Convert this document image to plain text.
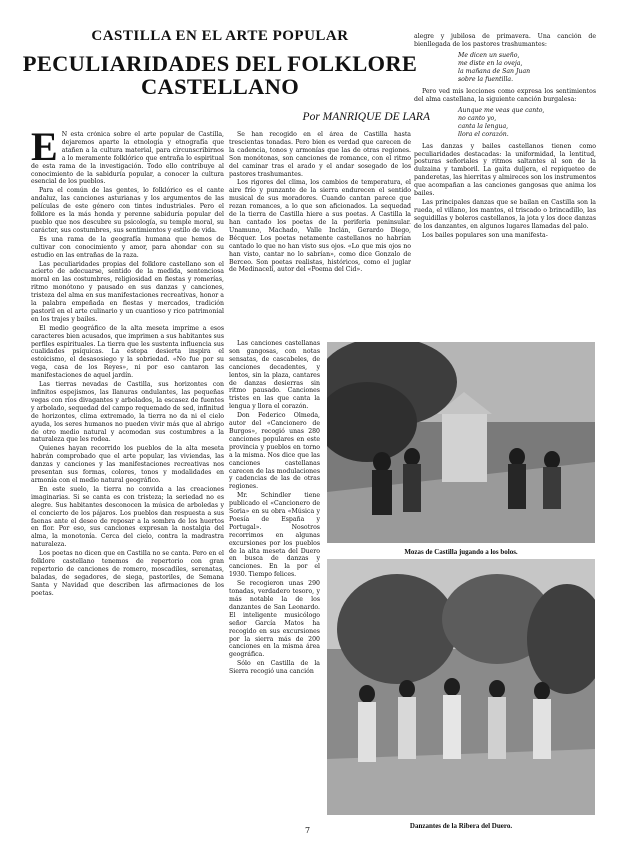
CASTILLA EN EL ARTE POPULAR
PECULIARIDADES DEL FOLKLORE
CASTELLANO
Por MANRIQUE DE LARA

E N esta crónica sobre el arte popular de Castilla, dejaremos aparte la etnología y etnografía que atañen a la cultura material, para circunscribirnos a lo meramente folklórico que entraña lo espiritual de esta rama de la investigación. Todo ello contribuye al conocimiento de la sabiduría popular, a conocer la cultura esencial de los pueblos.

Para el común de las gentes, lo folklórico es el cante andaluz, las canciones asturianas y los argumentos de las películas de este género con tintes industriales. Pero el folklore es la más honda y perenne sabiduría popular del pueblo que nos descubre su psicología, su temple moral, su carácter, sus costumbres, sus sentimientos y estilo de vida.

Es una rama de la geografía humana que hemos de cultivar con conocimiento y amor, para ahondar con su estudio en las entrañas de la raza.

Las peculiaridades propias del folklore castellano son el acierto de adecuarse, sentido de la medida, sentenciosa moral en las costumbres, religiosidad en fiestas y romerías, ritmo monótono y pausado en sus danzas y canciones, tristeza del alma en sus manifestaciones recreativas, honor a la palabra empeñada en fiestas y mercados, tradición pastoril en el arte culinario y un cuantioso y rico patrimonial en los trajes y bailes.

El medio geográfico de la alta meseta imprime a esos caracteres bien acusados, que imprimen a sus habitantes sus perfiles espirituales. La tierra que les sustenta influencia sus cualidades psíquicas. La estepa desierta inspira el estoicismo, el desasosiego y la sobriedad. «No fue por su vega, casa de los Reyes», ni por eso cantaron las manifestaciones de aquel jardín.

Las tierras nevadas de Castilla, sus horizontes con infinitos espejismos, las llanuras ondulantes, las pequeñas vegas con ríos divagantes y arbolados, la escasez de fuentes y arbolado, sequedad del campo requemado de sed, infinitud de horizontes, clima extremado, la tierra no da ni el cielo ayuda, los seres humanos no pueden vivir más que al abrigo de otro medio natural y acomodan sus costumbres a la naturaleza que les rodea.

Quienes hayan recorrido los pueblos de la alta meseta habrán comprobado que el arte popular, las viviendas, las danzas y canciones y las manifestaciones recreativas nos presentan sus formas, colores, tonos y modalidades en armonía con el medio natural geográfico.

En este suelo, la tierra no convida a las creaciones imaginarias. Si se canta es con tristeza; la seriedad no es alegre. Sus habitantes desconocen la música de arboledas y el concierto de los pájaros. Los pueblos dan respuesta a sus faenas ante el deseo de reposar a la sombra de los huertos en flor. Por eso, sus canciones expresan la nostalgia del alma, la monotonía. Cerca del cielo, contra la madrastra naturaleza.

Los poetas no dicen que en Castilla no se canta. Pero en el folklore castellano tenemos de repertorio con gran repertorio de canciones de romero, moscadiles, serenatas, baladas, de segadores, de siega, pastoriles, de Semana Santa y Navidad que describen las afirmaciones de los poetas.

Se han recogido en el área de Castilla hasta trescientas tonadas. Pero bien es verdad que carecen de la cadencia, tonos y armonías que las de otras regiones. Son monótonas, son canciones de romance, con el ritmo del caminar tras el arado y el andar sosegado de los pastores trashumantes.

Los rigores del clima, los cambios de temperatura, el aire frío y punzante de la sierra endurecen el sentido musical de sus moradores. Cuando cantan parece que rezan romances, a lo que son aficionados. La sequedad de la tierra de Castilla hiere a sus poetas. A Castilla la han cantado los poetas de la periferia peninsular. Unamuno, Machado, Valle Inclán, Gerardo Diego, Bécquer. Los poetas netamente castellanos no habrían cantado lo que no han visto sus ojos. «Lo que mis ojos no han visto, cantar no lo sabrían», como dice Gonzalo de Berceo. Son poetas realistas, históricos, como el juglar de Medinaceli, autor del «Poema del Cid».

Las canciones castellanas son gangosas, con notas sensatas, de cascabeles, de canciones decadentes, y lentos, sin la plaza, cantares de danzas desierras sin ritmo pausado. Canciones tristes en las que canta la lengua y llora el corazón.

Don Federico Olmeda, autor del «Cancionero de Burgos», recogió unas 280 canciones populares en este provincia y pueblos en torno a la misma. Nos dice que las canciones castellanas carecen de las modulaciones y cadencias de las de otras regiones.

Mr. Schindler tiene publicado el «Cancionero de Soria» en su obra «Música y Poesía de España y Portugal». Nosotros recorrimos en algunas excursiones por los pueblos de la alta meseta del Duero en busca de danzas y canciones. En la por el 1930. Tiempo felices.

Se recogieron unas 290 tonadas, verdadero tesoro, y más notable la de los danzantes de San Leonardo. El inteligente musicólogo señor García Matos ha recogido en sus excursiones por la sierra más de 200 canciones en la misma área geográfica.

Sólo en Castilla de la Sierra recogió una canción

alegre y jubilosa de primavera. Una canción de bienllegada de los pastores trashumantes:

Me dicen un sueño,
me diste en la oveja,
la mañana de San Juan
sobre la fuentilla.

Pero ved mis lecciones como expresa los sentimientos del alma castellana, la siguiente canción burgalesa:

Aunque me veas que canto,
no canto yo,
canta la lengua,
llora el corazón.

Las danzas y bailes castellanos tienen como peculiaridades destacadas: la uniformidad, la lentitud, posturas señoriales y ritmos saltantes al son de la dulzaina y tamboril. La gaita duljera, el repiqueteo de panderetas, las hierritas y almireces son los instrumentos que acompañan a las canciones gangosas que anima los bailes.

Las principales danzas que se bailan en Castilla son la rueda, el villano, los mantos, el triscado o brincadillo, las seguidillas y boleros castellanos, la jota y los doce danzas de los danzantes, en algunos lugares llamadas del palo.

Los bailes populares son una manifesta-

Mozas de Castilla jugando a los bolos.
Danzantes de la Ribera del Duero.
7
